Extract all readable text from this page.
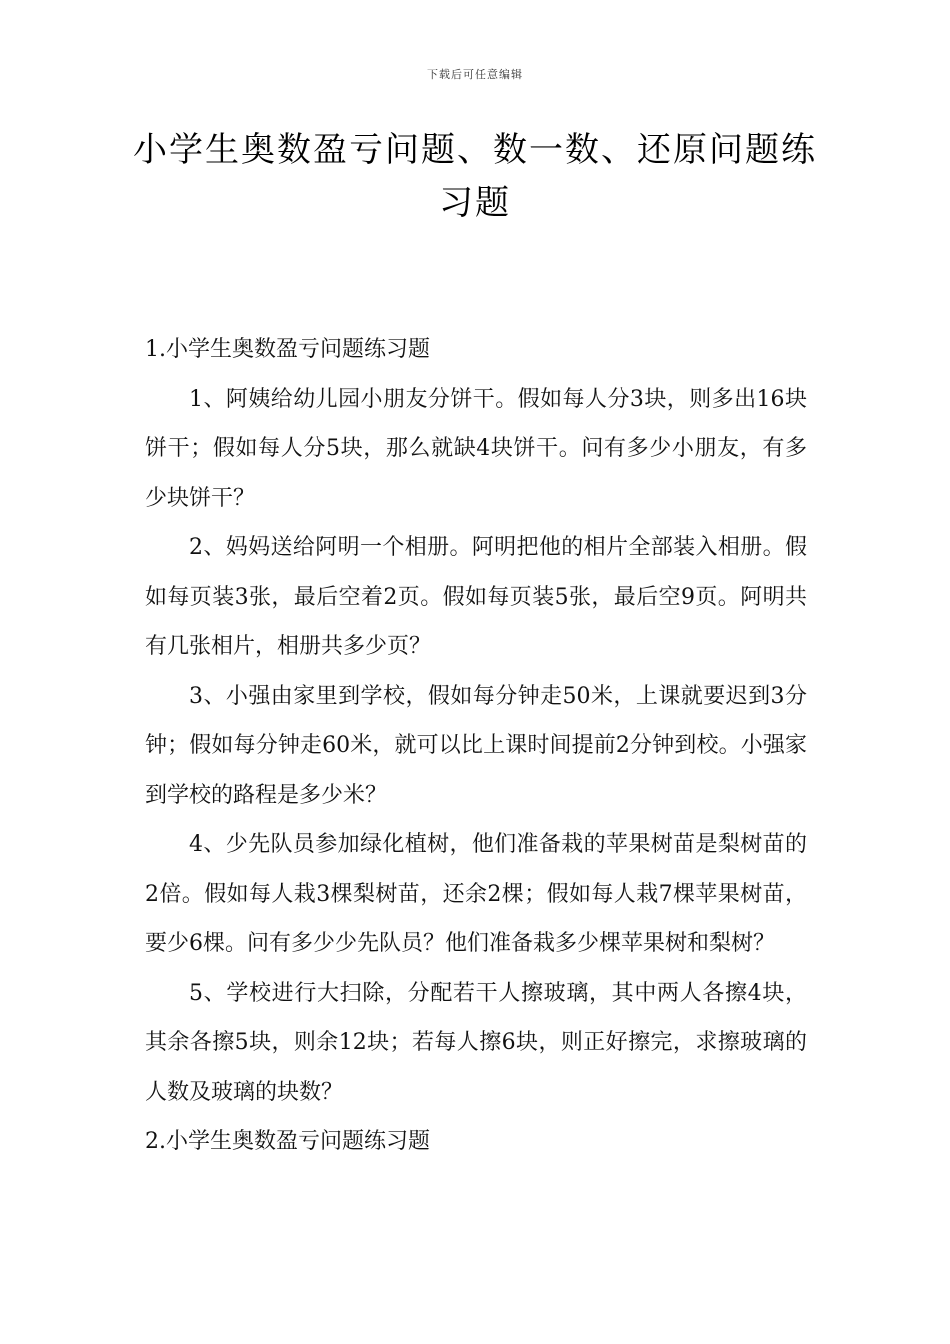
下载后可任意编辑
小学生奥数盈亏问题、数一数、还原问题练习题

1.小学生奥数盈亏问题练习题

1、阿姨给幼儿园小朋友分饼干。假如每人分3块，则多出16块饼干；假如每人分5块，那么就缺4块饼干。问有多少小朋友，有多少块饼干？

2、妈妈送给阿明一个相册。阿明把他的相片全部装入相册。假如每页装3张，最后空着2页。假如每页装5张，最后空9页。阿明共有几张相片，相册共多少页？

3、小强由家里到学校，假如每分钟走50米，上课就要迟到3分钟；假如每分钟走60米，就可以比上课时间提前2分钟到校。小强家到学校的路程是多少米？

4、少先队员参加绿化植树，他们准备栽的苹果树苗是梨树苗的2倍。假如每人栽3棵梨树苗，还余2棵；假如每人栽7棵苹果树苗，要少6棵。问有多少少先队员？他们准备栽多少棵苹果树和梨树？

5、学校进行大扫除，分配若干人擦玻璃，其中两人各擦4块，其余各擦5块，则余12块；若每人擦6块，则正好擦完，求擦玻璃的人数及玻璃的块数？

2.小学生奥数盈亏问题练习题
